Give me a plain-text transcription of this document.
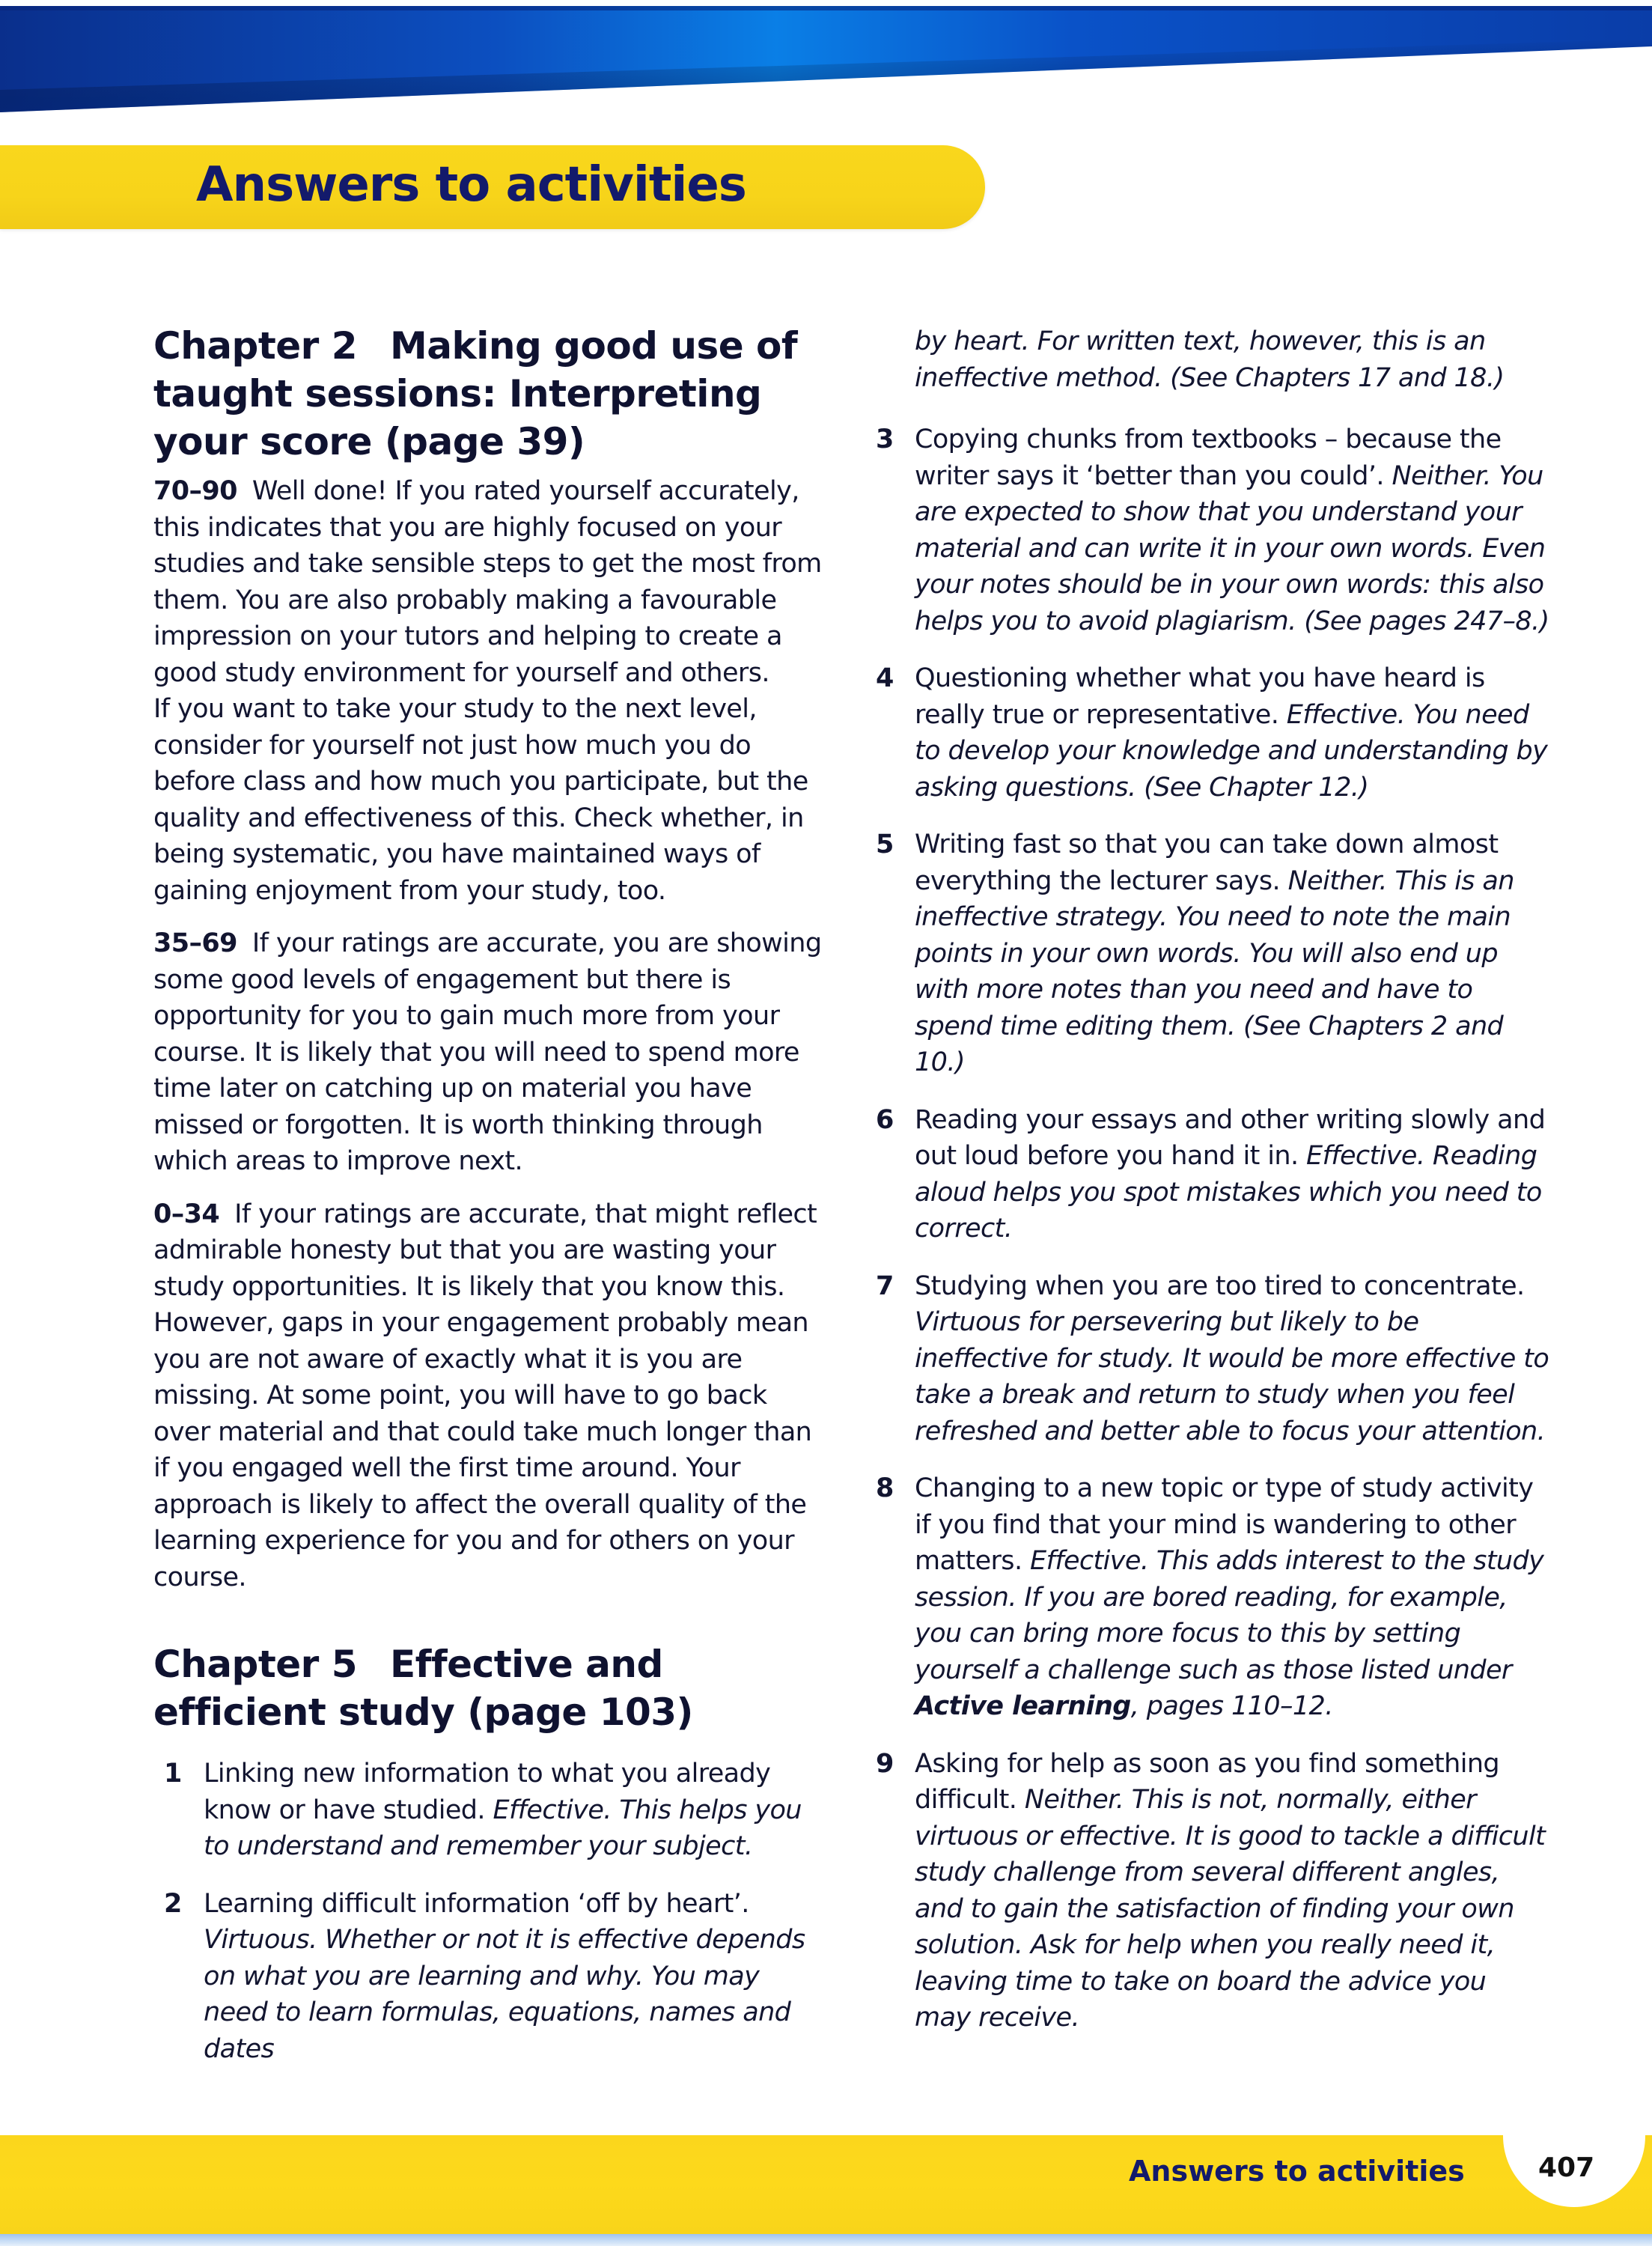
Answers to activities
Chapter 2 Making good use of taught sessions: Interpreting your score (page 39)

70–90 Well done! If you rated yourself accurately, this indicates that you are highly focused on your studies and take sensible steps to get the most from them. You are also probably making a favourable impression on your tutors and helping to create a good study environment for yourself and others.

If you want to take your study to the next level, consider for yourself not just how much you do before class and how much you participate, but the quality and effectiveness of this. Check whether, in being systematic, you have maintained ways of gaining enjoyment from your study, too.

35–69 If your ratings are accurate, you are showing some good levels of engagement but there is opportunity for you to gain much more from your course. It is likely that you will need to spend more time later on catching up on material you have missed or forgotten. It is worth thinking through which areas to improve next.

0–34 If your ratings are accurate, that might reflect admirable honesty but that you are wasting your study opportunities. It is likely that you know this. However, gaps in your engagement probably mean you are not aware of exactly what it is you are missing. At some point, you will have to go back over material and that could take much longer than if you engaged well the first time around. Your approach is likely to affect the overall quality of the learning experience for you and for others on your course.

Chapter 5 Effective and efficient study (page 103)
1 Linking new information to what you already know or have studied. Effective. This helps you to understand and remember your subject.
2 Learning difficult information ‘off by heart’. Virtuous. Whether or not it is effective depends on what you are learning and why. You may need to learn formulas, equations, names and dates
by heart. For written text, however, this is an ineffective method. (See Chapters 17 and 18.)
3 Copying chunks from textbooks – because the writer says it ‘better than you could’. Neither. You are expected to show that you understand your material and can write it in your own words. Even your notes should be in your own words: this also helps you to avoid plagiarism. (See pages 247–8.)
4 Questioning whether what you have heard is really true or representative. Effective. You need to develop your knowledge and understanding by asking questions. (See Chapter 12.)
5 Writing fast so that you can take down almost everything the lecturer says. Neither. This is an ineffective strategy. You need to note the main points in your own words. You will also end up with more notes than you need and have to spend time editing them. (See Chapters 2 and 10.)
6 Reading your essays and other writing slowly and out loud before you hand it in. Effective. Reading aloud helps you spot mistakes which you need to correct.
7 Studying when you are too tired to concentrate. Virtuous for persevering but likely to be ineffective for study. It would be more effective to take a break and return to study when you feel refreshed and better able to focus your attention.
8 Changing to a new topic or type of study activity if you find that your mind is wandering to other matters. Effective. This adds interest to the study session. If you are bored reading, for example, you can bring more focus to this by setting yourself a challenge such as those listed under Active learning, pages 110–12.
9 Asking for help as soon as you find something difficult. Neither. This is not, normally, either virtuous or effective. It is good to tackle a difficult study challenge from several different angles, and to gain the satisfaction of finding your own solution. Ask for help when you really need it, leaving time to take on board the advice you may receive.
Answers to activities	407
